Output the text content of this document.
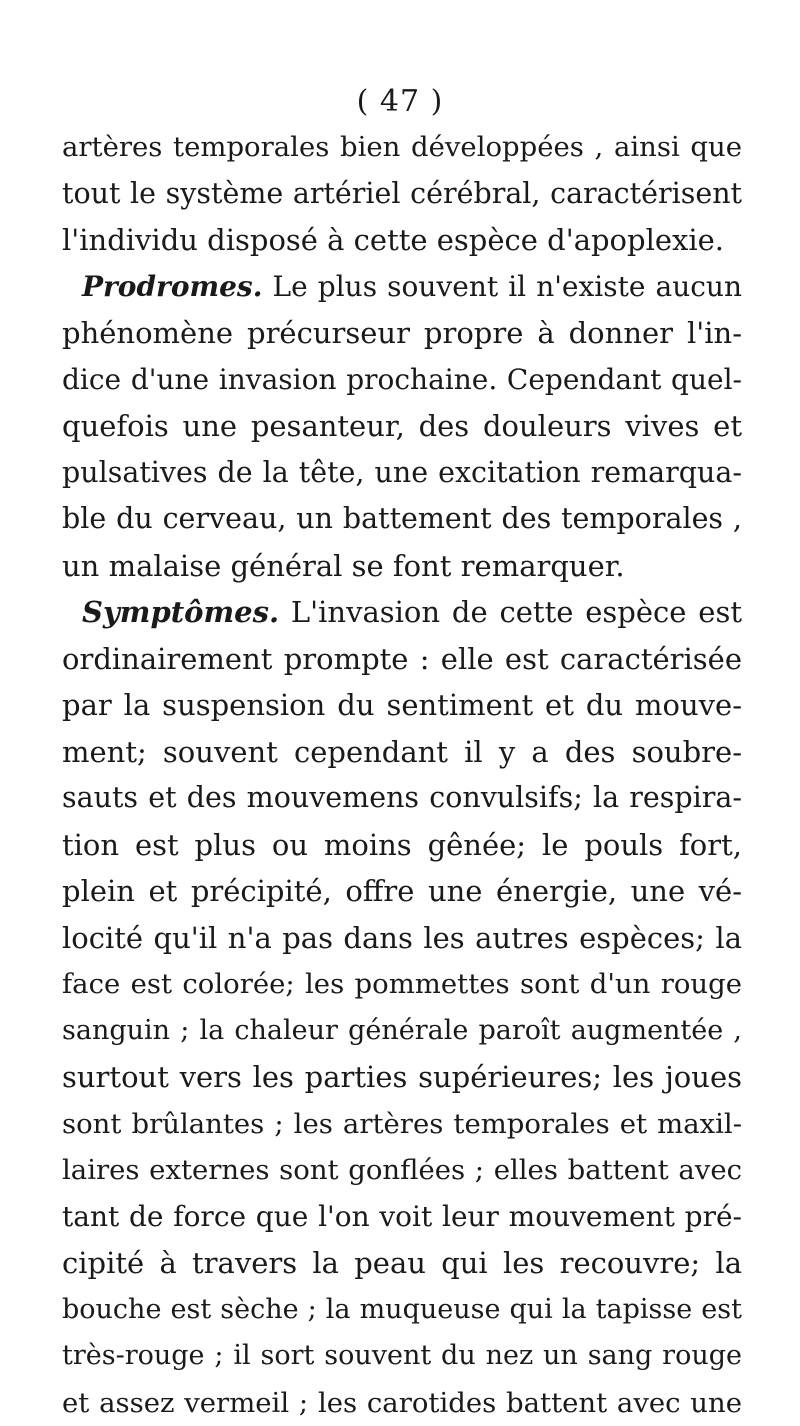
( 47 )
artères temporales bien développées , ainsi que
tout le système artériel cérébral, caractérisent
l'individu disposé à cette espèce d'apoplexie.
Prodromes. Le plus souvent il n'existe aucun
phénomène précurseur propre à donner l'in-
dice d'une invasion prochaine. Cependant quel-
quefois une pesanteur, des douleurs vives et
pulsatives de la tête, une excitation remarqua-
ble du cerveau, un battement des temporales ,
un malaise général se font remarquer.
Symptômes. L'invasion de cette espèce est
ordinairement prompte : elle est caractérisée
par la suspension du sentiment et du mouve-
ment; souvent cependant il y a des soubre-
sauts et des mouvemens convulsifs; la respira-
tion est plus ou moins gênée; le pouls fort,
plein et précipité, offre une énergie, une vé-
locité qu'il n'a pas dans les autres espèces; la
face est colorée; les pommettes sont d'un rouge
sanguin ; la chaleur générale paroît augmentée ,
surtout vers les parties supérieures; les joues
sont brûlantes ; les artères temporales et maxil-
laires externes sont gonflées ; elles battent avec
tant de force que l'on voit leur mouvement pré-
cipité à travers la peau qui les recouvre; la
bouche est sèche ; la muqueuse qui la tapisse est
très-rouge ; il sort souvent du nez un sang rouge
et assez vermeil ; les carotides battent avec une
